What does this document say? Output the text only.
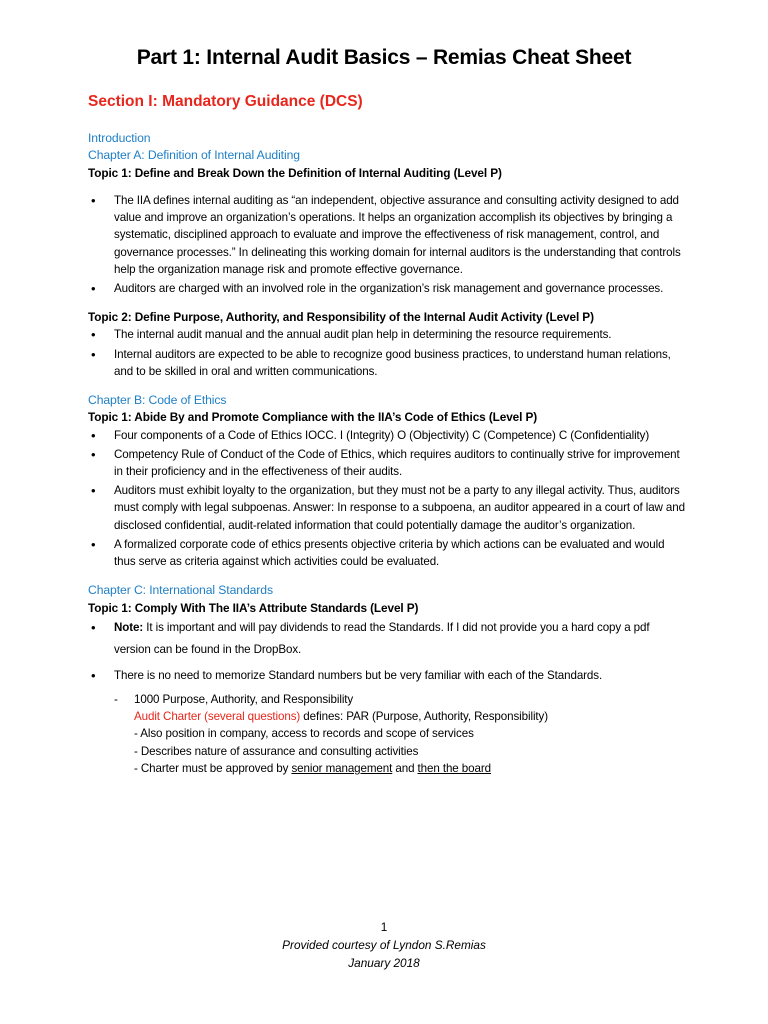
Part 1: Internal Audit Basics – Remias Cheat Sheet
Section I: Mandatory Guidance (DCS)
Introduction
Chapter A: Definition of Internal Auditing
Topic 1: Define and Break Down the Definition of Internal Auditing (Level P)
• The IIA defines internal auditing as “an independent, objective assurance and consulting activity designed to add value and improve an organization’s operations. It helps an organization accomplish its objectives by bringing a systematic, disciplined approach to evaluate and improve the effectiveness of risk management, control, and governance processes.” In delineating this working domain for internal auditors is the understanding that controls help the organization manage risk and promote effective governance.
• Auditors are charged with an involved role in the organization’s risk management and governance processes.
Topic 2: Define Purpose, Authority, and Responsibility of the Internal Audit Activity (Level P)
• The internal audit manual and the annual audit plan help in determining the resource requirements.
• Internal auditors are expected to be able to recognize good business practices, to understand human relations, and to be skilled in oral and written communications.
Chapter B: Code of Ethics
Topic 1: Abide By and Promote Compliance with the IIA’s Code of Ethics (Level P)
• Four components of a Code of Ethics IOCC. I (Integrity) O (Objectivity) C (Competence) C (Confidentiality)
• Competency Rule of Conduct of the Code of Ethics, which requires auditors to continually strive for improvement in their proficiency and in the effectiveness of their audits.
• Auditors must exhibit loyalty to the organization, but they must not be a party to any illegal activity. Thus, auditors must comply with legal subpoenas. Answer: In response to a subpoena, an auditor appeared in a court of law and disclosed confidential, audit-related information that could potentially damage the auditor’s organization.
• A formalized corporate code of ethics presents objective criteria by which actions can be evaluated and would thus serve as criteria against which activities could be evaluated.
Chapter C: International Standards
Topic 1: Comply With The IIA’s Attribute Standards (Level P)
• Note: It is important and will pay dividends to read the Standards. If I did not provide you a hard copy a pdf version can be found in the DropBox.
• There is no need to memorize Standard numbers but be very familiar with each of the Standards.
- 1000 Purpose, Authority, and Responsibility
Audit Charter (several questions) defines: PAR (Purpose, Authority, Responsibility)
- Also position in company, access to records and scope of services
- Describes nature of assurance and consulting activities
- Charter must be approved by senior management and then the board
1
Provided courtesy of Lyndon S.Remias
January 2018
